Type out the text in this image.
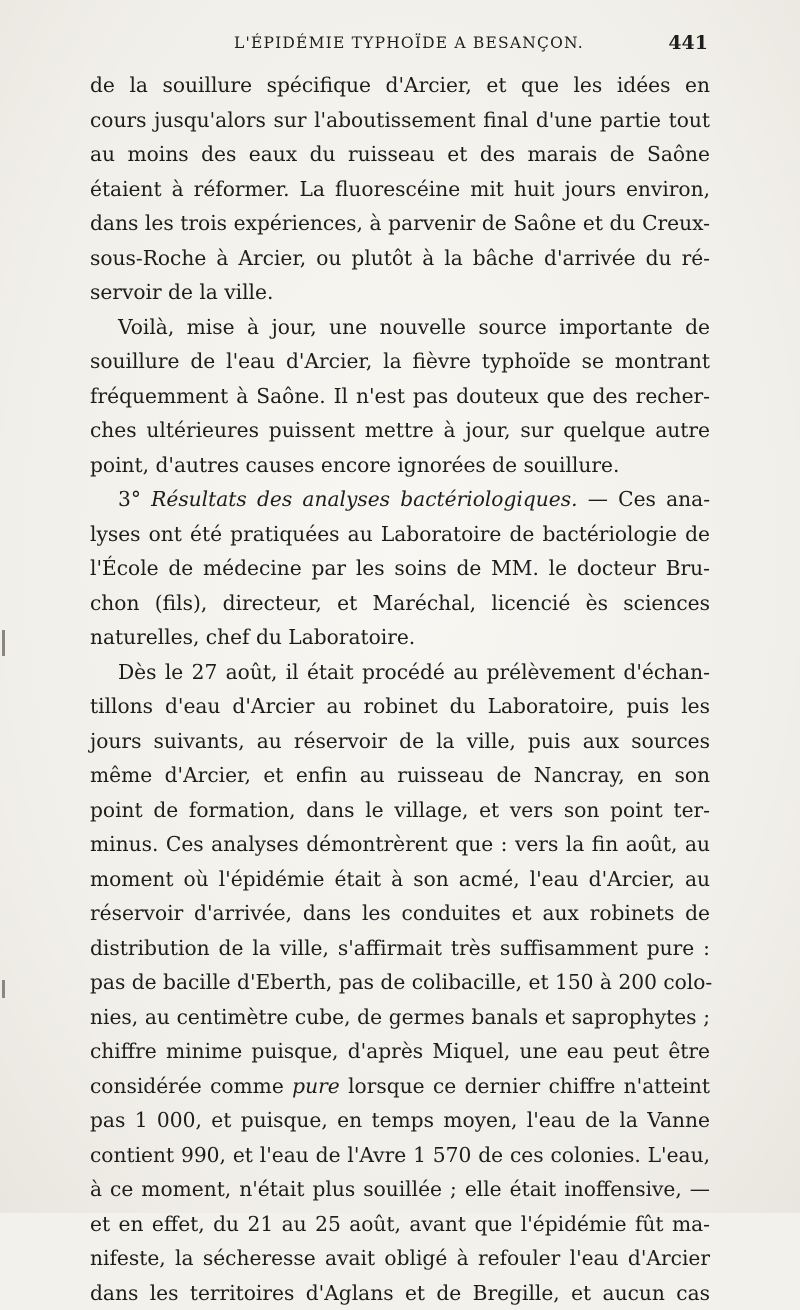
L'ÉPIDÉMIE TYPHOÏDE A BESANÇON.	441
de la souillure spécifique d'Arcier, et que les idées en
cours jusqu'alors sur l'aboutissement final d'une partie tout
au moins des eaux du ruisseau et des marais de Saône
étaient à réformer. La fluorescéine mit huit jours environ,
dans les trois expériences, à parvenir de Saône et du Creux-
sous-Roche à Arcier, ou plutôt à la bâche d'arrivée du ré-
servoir de la ville.
Voilà, mise à jour, une nouvelle source importante de
souillure de l'eau d'Arcier, la fièvre typhoïde se montrant
fréquemment à Saône. Il n'est pas douteux que des recher-
ches ultérieures puissent mettre à jour, sur quelque autre
point, d'autres causes encore ignorées de souillure.
3° Résultats des analyses bactériologiques. — Ces ana-
lyses ont été pratiquées au Laboratoire de bactériologie de
l'École de médecine par les soins de MM. le docteur Bru-
chon (fils), directeur, et Maréchal, licencié ès sciences
naturelles, chef du Laboratoire.
Dès le 27 août, il était procédé au prélèvement d'échan-
tillons d'eau d'Arcier au robinet du Laboratoire, puis les
jours suivants, au réservoir de la ville, puis aux sources
même d'Arcier, et enfin au ruisseau de Nancray, en son
point de formation, dans le village, et vers son point ter-
minus. Ces analyses démontrèrent que : vers la fin août, au
moment où l'épidémie était à son acmé, l'eau d'Arcier, au
réservoir d'arrivée, dans les conduites et aux robinets de
distribution de la ville, s'affirmait très suffisamment pure :
pas de bacille d'Eberth, pas de colibacille, et 150 à 200 colo-
nies, au centimètre cube, de germes banals et saprophytes ;
chiffre minime puisque, d'après Miquel, une eau peut être
considérée comme pure lorsque ce dernier chiffre n'atteint
pas 1 000, et puisque, en temps moyen, l'eau de la Vanne
contient 990, et l'eau de l'Avre 1 570 de ces colonies. L'eau,
à ce moment, n'était plus souillée ; elle était inoffensive, —
et en effet, du 21 au 25 août, avant que l'épidémie fût ma-
nifeste, la sécheresse avait obligé à refouler l'eau d'Arcier
dans les territoires d'Aglans et de Bregille, et aucun cas
